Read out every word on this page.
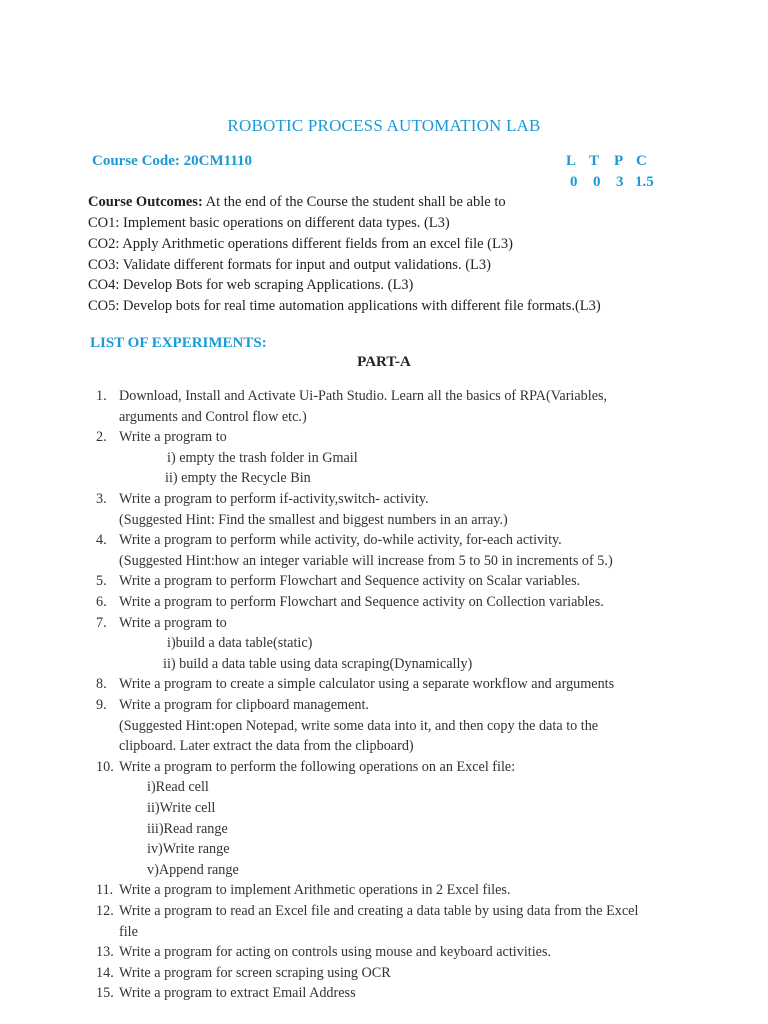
ROBOTIC PROCESS AUTOMATION LAB
Course Code: 20CM1110	L T P C
0 0 3 1.5
Course Outcomes: At the end of the Course the student shall be able to
CO1: Implement basic operations on different data types. (L3)
CO2: Apply Arithmetic operations different fields from an excel file (L3)
CO3: Validate different formats for input and output validations. (L3)
CO4: Develop Bots for web scraping Applications. (L3)
CO5: Develop bots for real time automation applications with different file formats.(L3)
LIST OF EXPERIMENTS:
PART-A
1. Download, Install and Activate Ui-Path Studio. Learn all the basics of RPA(Variables,
arguments and Control flow etc.)
2. Write a program to
i) empty the trash folder in Gmail
ii) empty the Recycle Bin
3. Write a program to perform if-activity,switch- activity.
(Suggested Hint: Find the smallest and biggest numbers in an array.)
4. Write a program to perform while activity, do-while activity, for-each activity.
(Suggested Hint:how an integer variable will increase from 5 to 50 in increments of 5.)
5. Write a program to perform Flowchart and Sequence activity on Scalar variables.
6. Write a program to perform Flowchart and Sequence activity on Collection variables.
7. Write a program to
i)build a data table(static)
ii) build a data table using data scraping(Dynamically)
8. Write a program to create a simple calculator using a separate workflow and arguments
9. Write a program for clipboard management.
(Suggested Hint:open Notepad, write some data into it, and then copy the data to the
clipboard. Later extract the data from the clipboard)
10. Write a program to perform the following operations on an Excel file:
i)Read cell
ii)Write cell
iii)Read range
iv)Write range
v)Append range
11. Write a program to implement Arithmetic operations in 2 Excel files.
12. Write a program to read an Excel file and creating a data table by using data from the Excel
file
13. Write a program for acting on controls using mouse and keyboard activities.
14. Write a program for screen scraping using OCR
15. Write a program to extract Email Address
